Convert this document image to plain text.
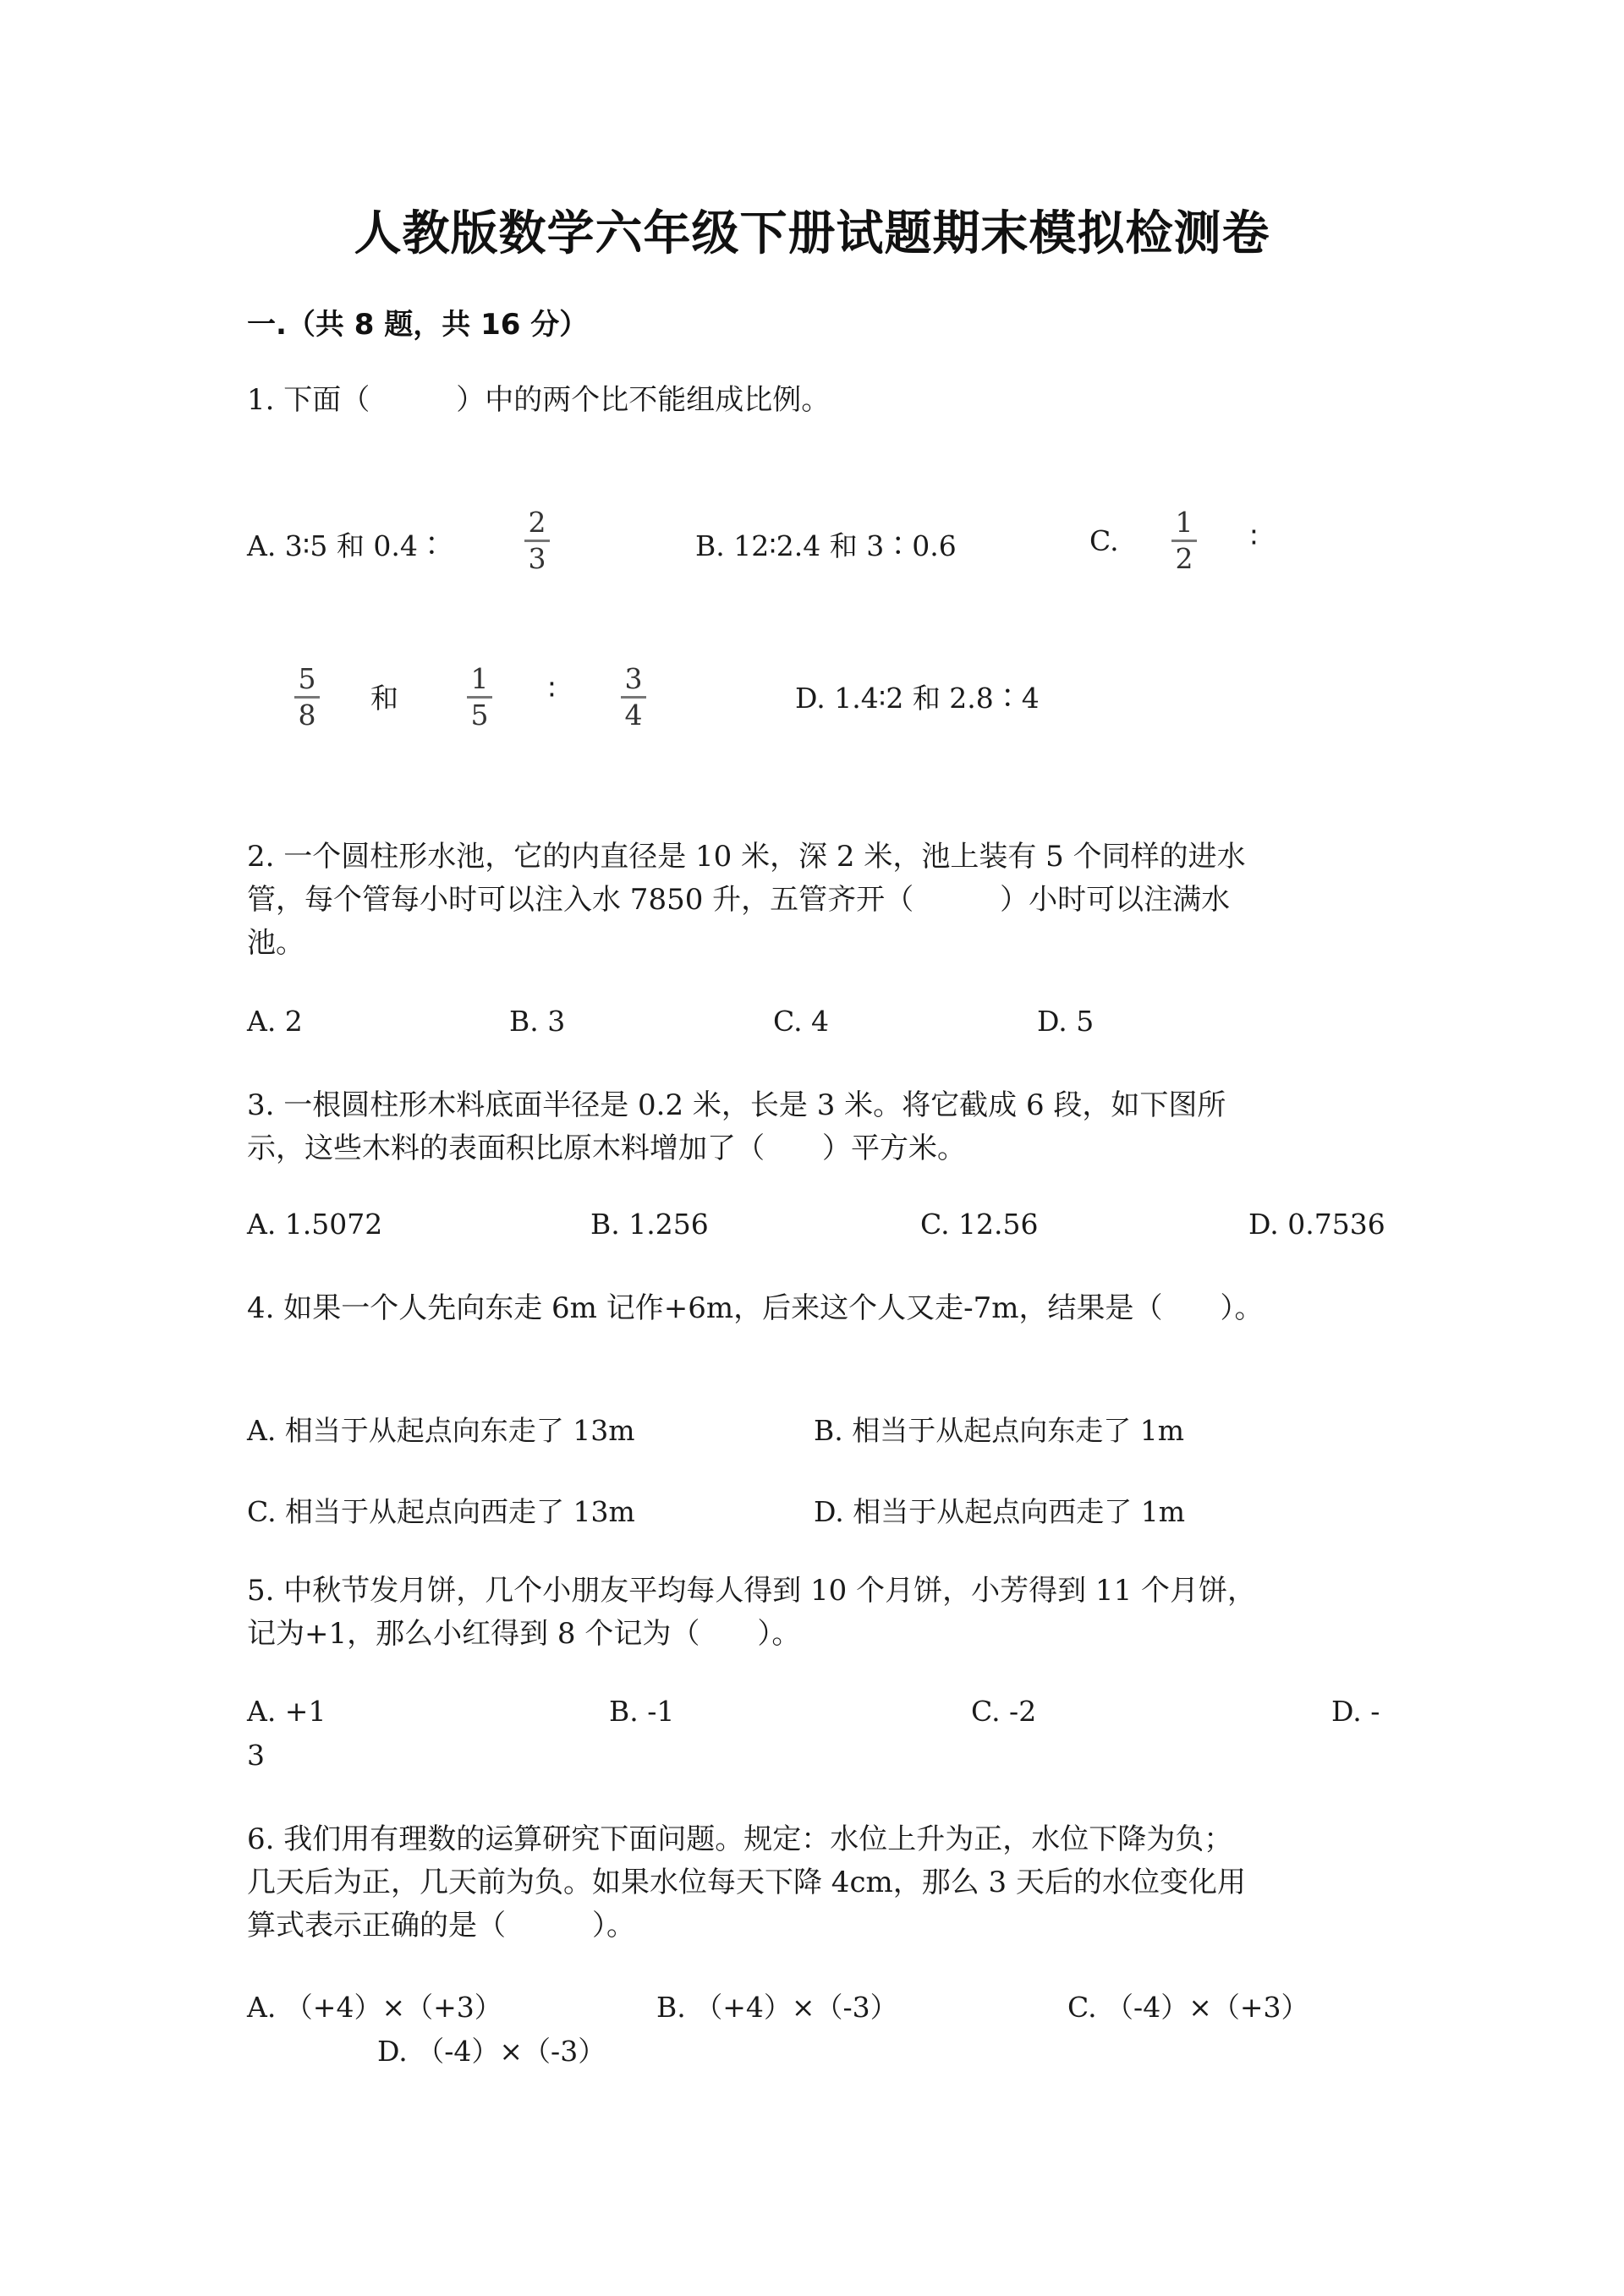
人教版数学六年级下册试题期末模拟检测卷
一.（共 8 题，共 16 分）
1. 下面（　　　）中的两个比不能组成比例。
A. 3∶5 和 0.4∶
2
3	B. 12∶2.4 和 3∶0.6	C.
1
2
∶
5
8
和
1
5
∶ 3
4
D. 1.4∶2 和 2.8∶4
2. 一个圆柱形水池，它的内直径是 10 米，深 2 米，池上装有 5 个同样的进水
管，每个管每小时可以注入水 7850 升，五管齐开（　　　）小时可以注满水
池。
A. 2	B. 3	C. 4	D. 5
3. 一根圆柱形木料底面半径是 0.2 米，长是 3 米。将它截成 6 段，如下图所
示，这些木料的表面积比原木料增加了（　　）平方米。
A. 1.5072	B. 1.256	C. 12.56	D. 0.7536
4. 如果一个人先向东走 6m 记作+6m，后来这个人又走-7m，结果是（　　）。
A. 相当于从起点向东走了 13m	B. 相当于从起点向东走了 1m
C. 相当于从起点向西走了 13m	D. 相当于从起点向西走了 1m
5. 中秋节发月饼，几个小朋友平均每人得到 10 个月饼，小芳得到 11 个月饼，
记为+1，那么小红得到 8 个记为（　　）。
A. +1	B. -1	C. -2	D. -
3
6. 我们用有理数的运算研究下面问题。规定：水位上升为正，水位下降为负；
几天后为正，几天前为负。如果水位每天下降 4cm，那么 3 天后的水位变化用
算式表示正确的是（　　　）。
A. （+4）×（+3）	B. （+4）×（-3）	C. （-4）×（+3）
D. （-4）×（-3）
